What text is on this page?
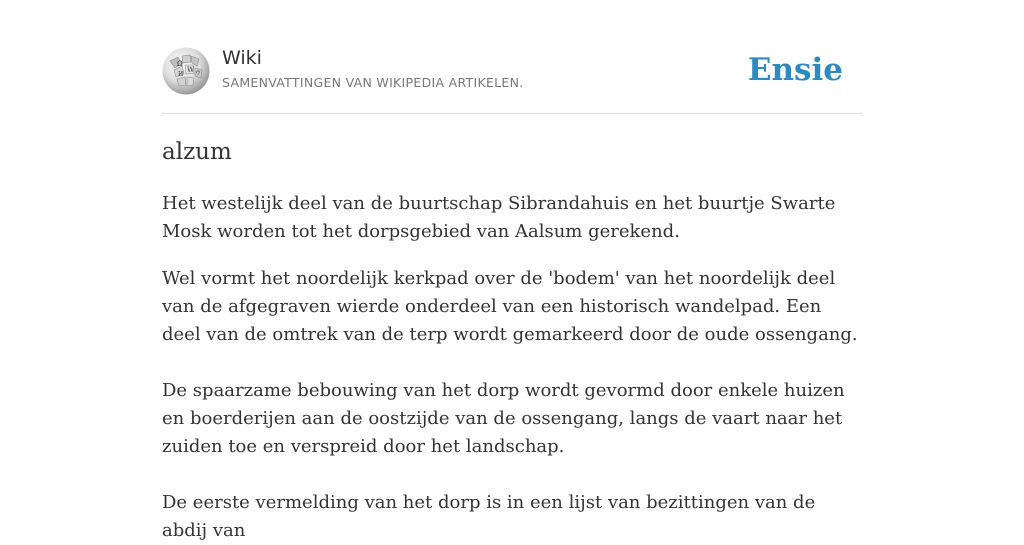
Ω
W
И ウ
Wiki
SAMENVATTINGEN VAN WIKIPEDIA ARTIKELEN.	Ensie
alzum

Het westelijk deel van de buurtschap Sibrandahuis en het buurtje Swarte Mosk worden tot het dorpsgebied van Aalsum gerekend.

Wel vormt het noordelijk kerkpad over de 'bodem' van het noordelijk deel van de afgegraven wierde onderdeel van een historisch wandelpad. Een deel van de omtrek van de terp wordt gemarkeerd door de oude ossengang.

De spaarzame bebouwing van het dorp wordt gevormd door enkele huizen en boerderijen aan de oostzijde van de ossengang, langs de vaart naar het zuiden toe en verspreid door het landschap.

De eerste vermelding van het dorp is in een lijst van bezittingen van de abdij van
